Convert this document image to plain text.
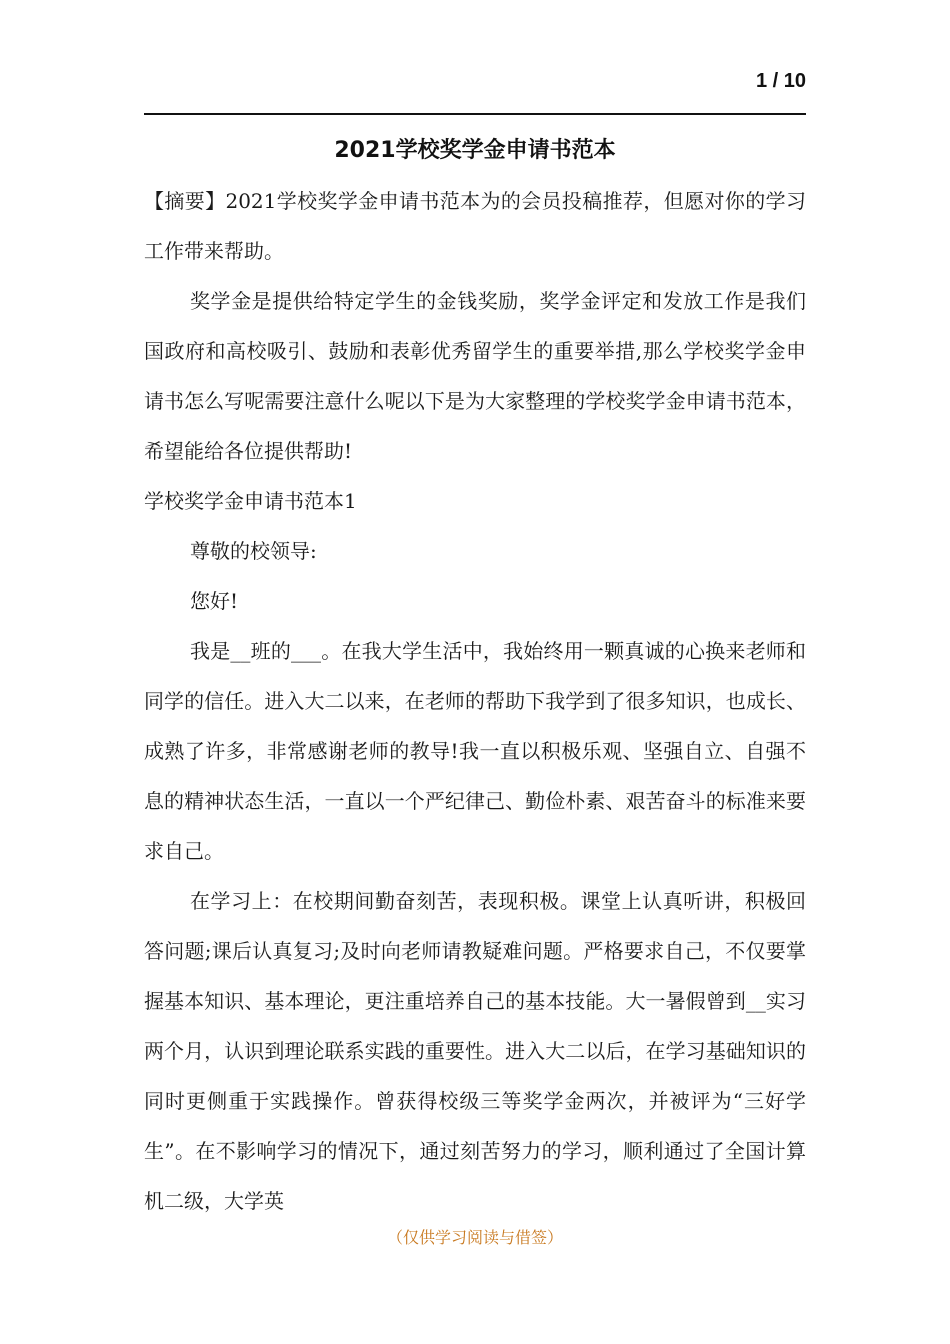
1 / 10
2021学校奖学金申请书范本

【摘要】2021学校奖学金申请书范本为的会员投稿推荐，但愿对你的学习工作带来帮助。

奖学金是提供给特定学生的金钱奖励，奖学金评定和发放工作是我们国政府和高校吸引、鼓励和表彰优秀留学生的重要举措,那么学校奖学金申请书怎么写呢需要注意什么呢以下是为大家整理的学校奖学金申请书范本，希望能给各位提供帮助!

学校奖学金申请书范本1

尊敬的校领导:

您好!

我是__班的___。在我大学生活中，我始终用一颗真诚的心换来老师和同学的信任。进入大二以来，在老师的帮助下我学到了很多知识，也成长、成熟了许多，非常感谢老师的教导!我一直以积极乐观、坚强自立、自强不息的精神状态生活，一直以一个严纪律己、勤俭朴素、艰苦奋斗的标准来要求自己。

在学习上：在校期间勤奋刻苦，表现积极。课堂上认真听讲，积极回答问题;课后认真复习;及时向老师请教疑难问题。严格要求自己，不仅要掌握基本知识、基本理论，更注重培养自己的基本技能。大一暑假曾到__实习两个月，认识到理论联系实践的重要性。进入大二以后，在学习基础知识的同时更侧重于实践操作。曾获得校级三等奖学金两次，并被评为“三好学生”。在不影响学习的情况下，通过刻苦努力的学习，顺利通过了全国计算机二级，大学英

（仅供学习阅读与借签）
